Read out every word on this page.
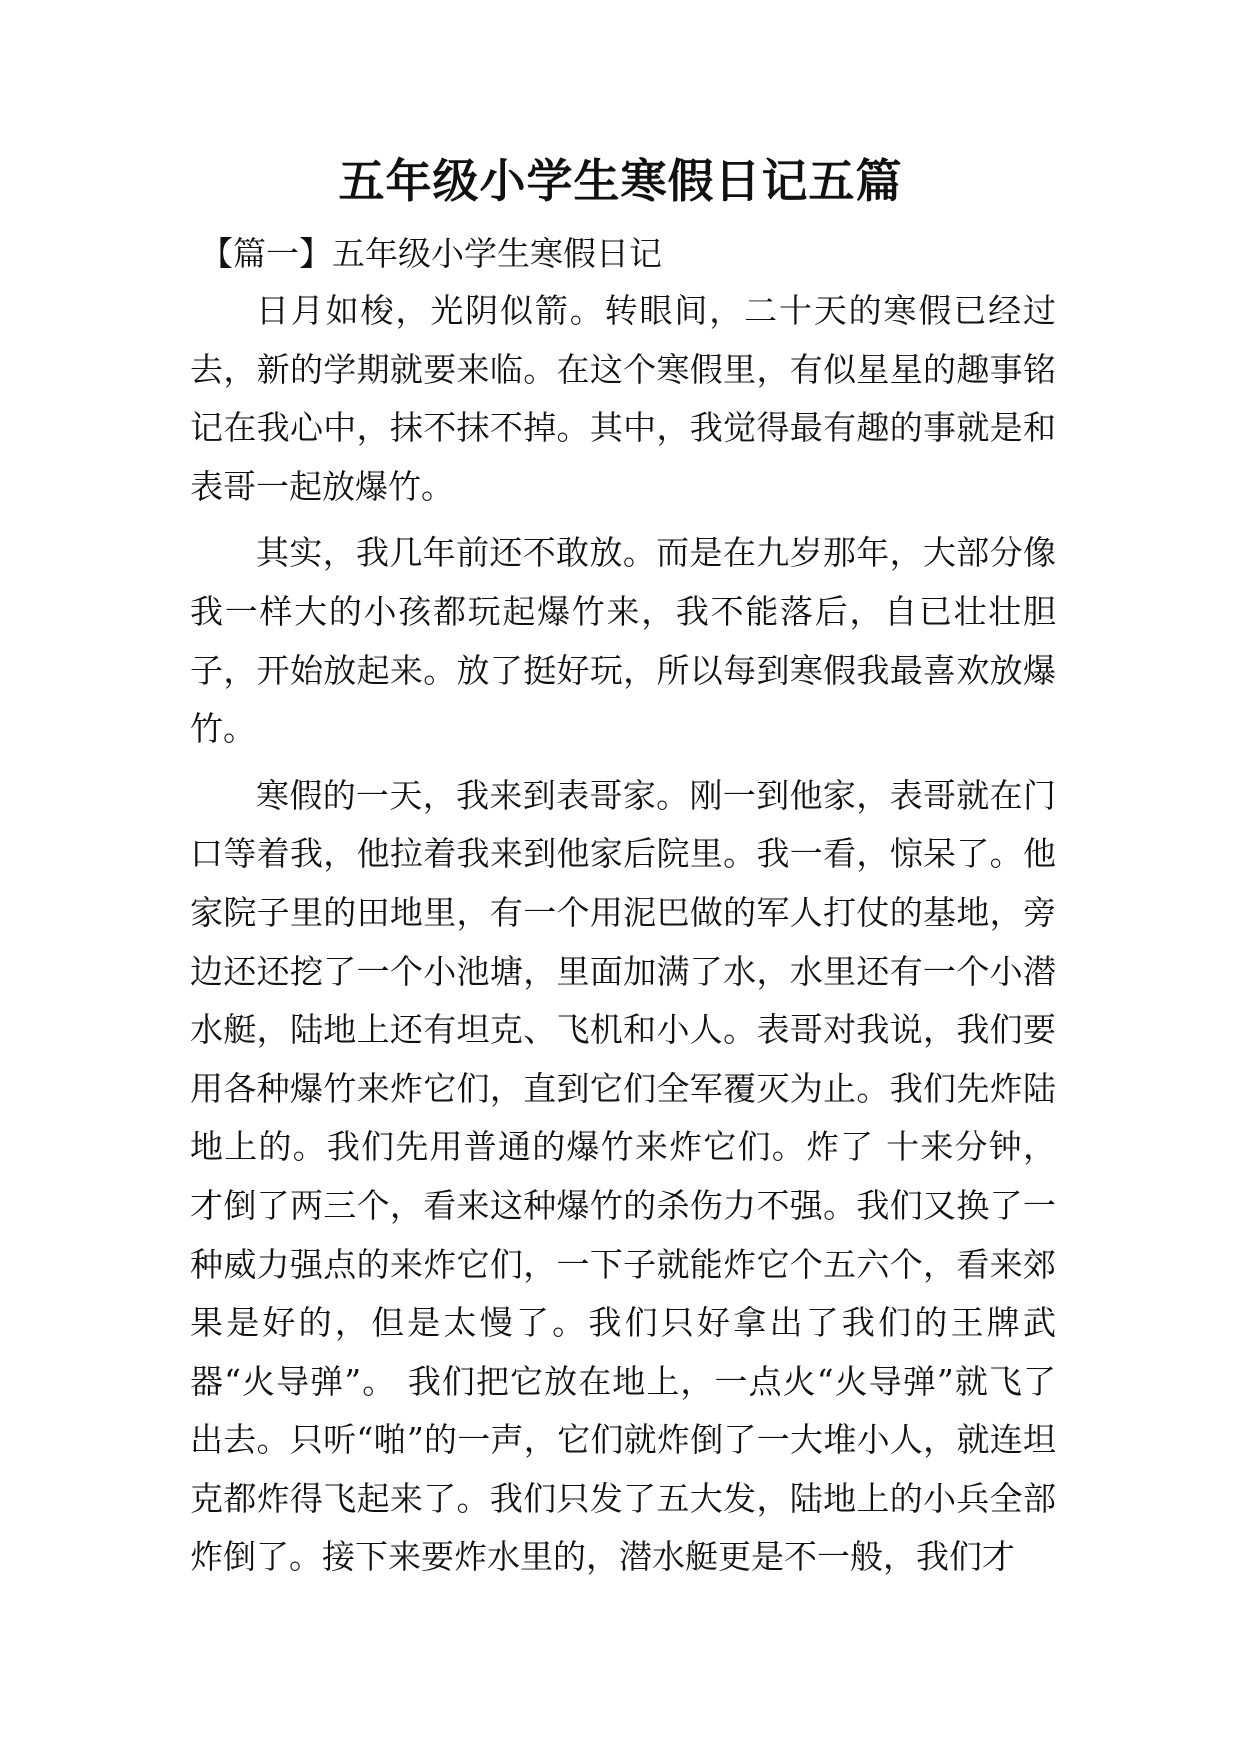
五年级小学生寒假日记五篇
【篇一】五年级小学生寒假日记

日月如梭，光阴似箭。转眼间，二十天的寒假已经过去，新的学期就要来临。在这个寒假里，有似星星的趣事铭记在我心中，抹不抹不掉。其中，我觉得最有趣的事就是和表哥一起放爆竹。

其实，我几年前还不敢放。而是在九岁那年，大部分像我一样大的小孩都玩起爆竹来，我不能落后，自已壮壮胆子，开始放起来。放了挺好玩，所以每到寒假我最喜欢放爆竹。

寒假的一天，我来到表哥家。刚一到他家，表哥就在门口等着我，他拉着我来到他家后院里。我一看，惊呆了。他家院子里的田地里，有一个用泥巴做的军人打仗的基地，旁边还还挖了一个小池塘，里面加满了水，水里还有一个小潜水艇，陆地上还有坦克、飞机和小人。表哥对我说，我们要用各种爆竹来炸它们，直到它们全军覆灭为止。我们先炸陆地上的。我们先用普通的爆竹来炸它们。炸了 十来分钟，才倒了两三个，看来这种爆竹的杀伤力不强。我们又换了一种威力强点的来炸它们，一下子就能炸它个五六个，看来郊果是好的，但是太慢了。我们只好拿出了我们的王牌武器“火导弹”。 我们把它放在地上，一点火“火导弹”就飞了出去。只听“啪”的一声，它们就炸倒了一大堆小人，就连坦克都炸得飞起来了。我们只发了五大发，陆地上的小兵全部炸倒了。接下来要炸水里的，潜水艇更是不一般，我们才
